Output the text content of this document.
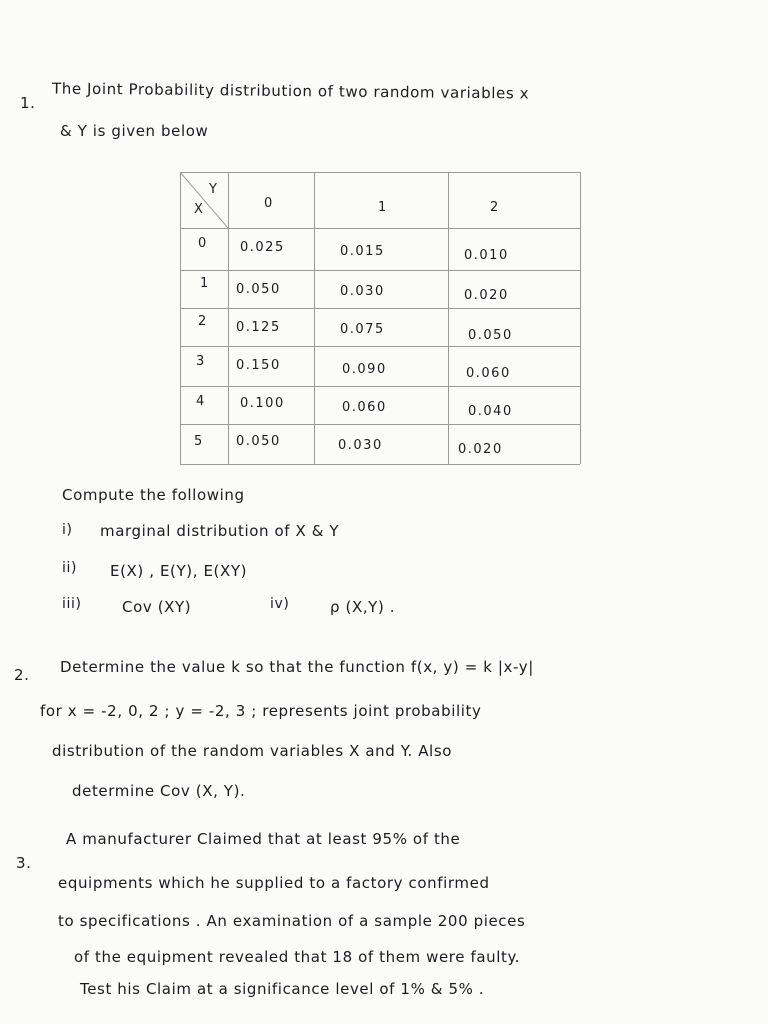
1.
The Joint Probability distribution of two random variables x
& Y is given below
Y
X	0	1	2
0 0.025	0.015	0.010
1 0.050	0.030	0.020
2 0.125	0.075	0.050
3 0.150	0.090	0.060
4	0.100	0.060	0.040
5 0.050	0.030	0.020
Compute the following
i) marginal distribution of X & Y
ii) E(X) , E(Y), E(XY)
iii)	Cov (XY)	iv)	ρ (X,Y) .
2. Determine the value k so that the function f(x, y) = k |x-y|
for x = -2, 0, 2 ; y = -2, 3 ; represents joint probability
distribution of the random variables X and Y. Also
determine Cov (X, Y).
3.
A manufacturer Claimed that at least 95% of the
equipments which he supplied to a factory confirmed
to specifications . An examination of a sample 200 pieces
of the equipment revealed that 18 of them were faulty.
Test his Claim at a significance level of 1% & 5% .
